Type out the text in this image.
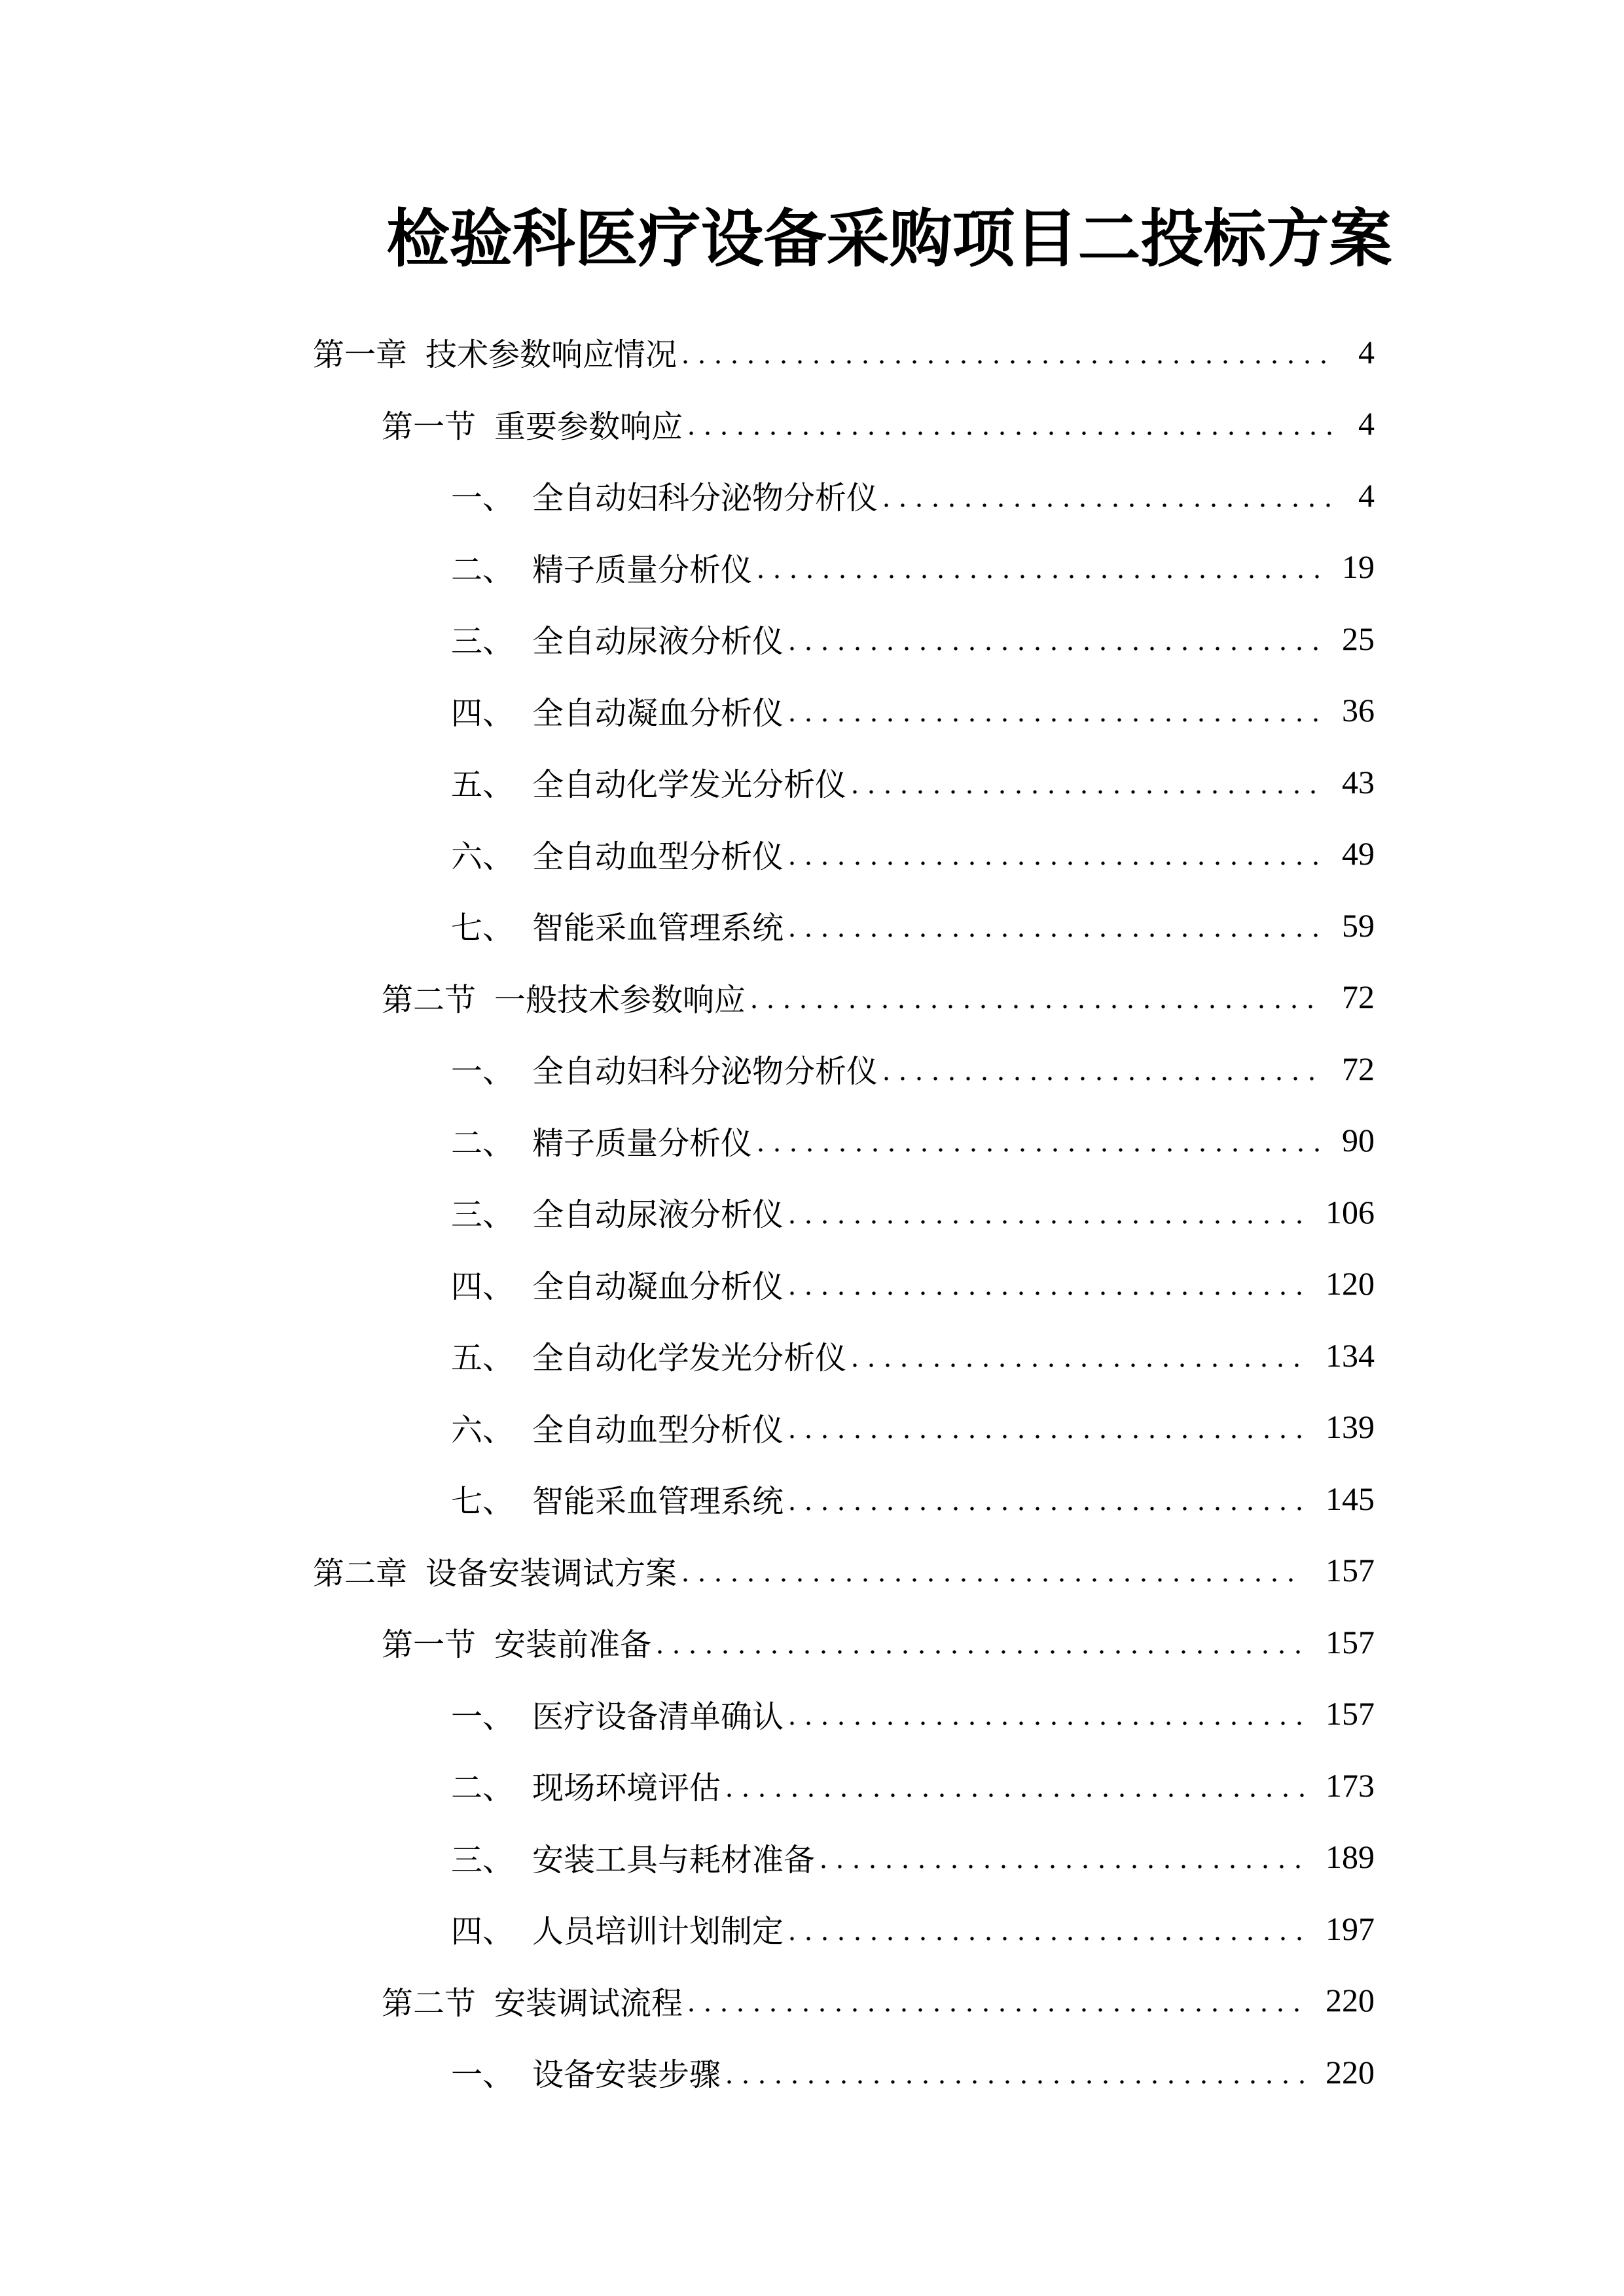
检验科医疗设备采购项目二投标方案
第一章 技术参数响应情况	4
第一节 重要参数响应	4
一、 全自动妇科分泌物分析仪	4
二、 精子质量分析仪	19
三、 全自动尿液分析仪	25
四、 全自动凝血分析仪	36
五、 全自动化学发光分析仪	43
六、 全自动血型分析仪	49
七、 智能采血管理系统	59
第二节 一般技术参数响应	72
一、 全自动妇科分泌物分析仪	72
二、 精子质量分析仪	90
三、 全自动尿液分析仪	106
四、 全自动凝血分析仪	120
五、 全自动化学发光分析仪	134
六、 全自动血型分析仪	139
七、 智能采血管理系统	145
第二章 设备安装调试方案	157
第一节 安装前准备	157
一、 医疗设备清单确认	157
二、 现场环境评估	173
三、 安装工具与耗材准备	189
四、 人员培训计划制定	197
第二节 安装调试流程	220
一、 设备安装步骤	220
